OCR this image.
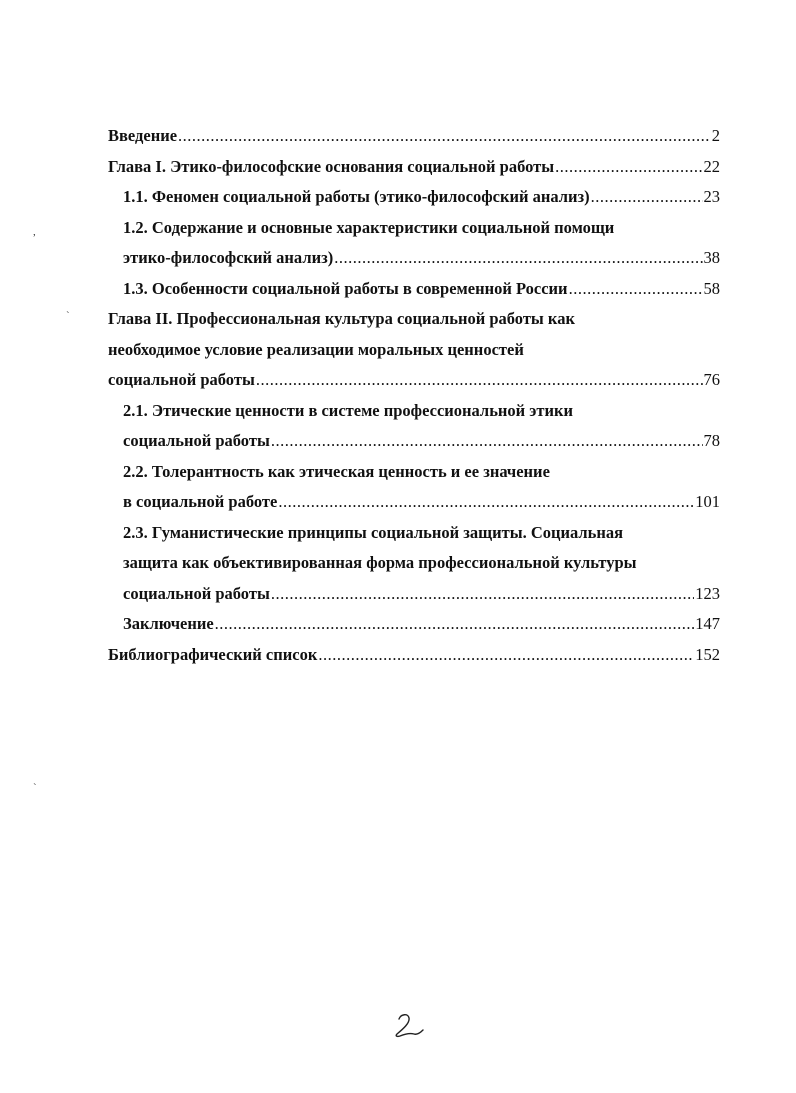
,
`
`
Введение .....	2
Глава I. Этико-философские основания социальной работы .....	22
1.1. Феномен социальной работы (этико-философский анализ) .....	23
1.2. Содержание и основные характеристики социальной помощи
этико-философский анализ) .....	38
1.3. Особенности социальной работы в современной России .....	58
Глава II. Профессиональная культура социальной работы как
необходимое условие реализации моральных ценностей
социальной работы .....	76
2.1. Этические ценности в системе профессиональной этики
социальной работы .....	78
2.2. Толерантность как этическая ценность и ее значение
в социальной работе .....	101
2.3. Гуманистические принципы социальной защиты. Социальная
защита как объективированная форма профессиональной культуры
социальной работы .....	123
Заключение .....	147
Библиографический список .....	152
